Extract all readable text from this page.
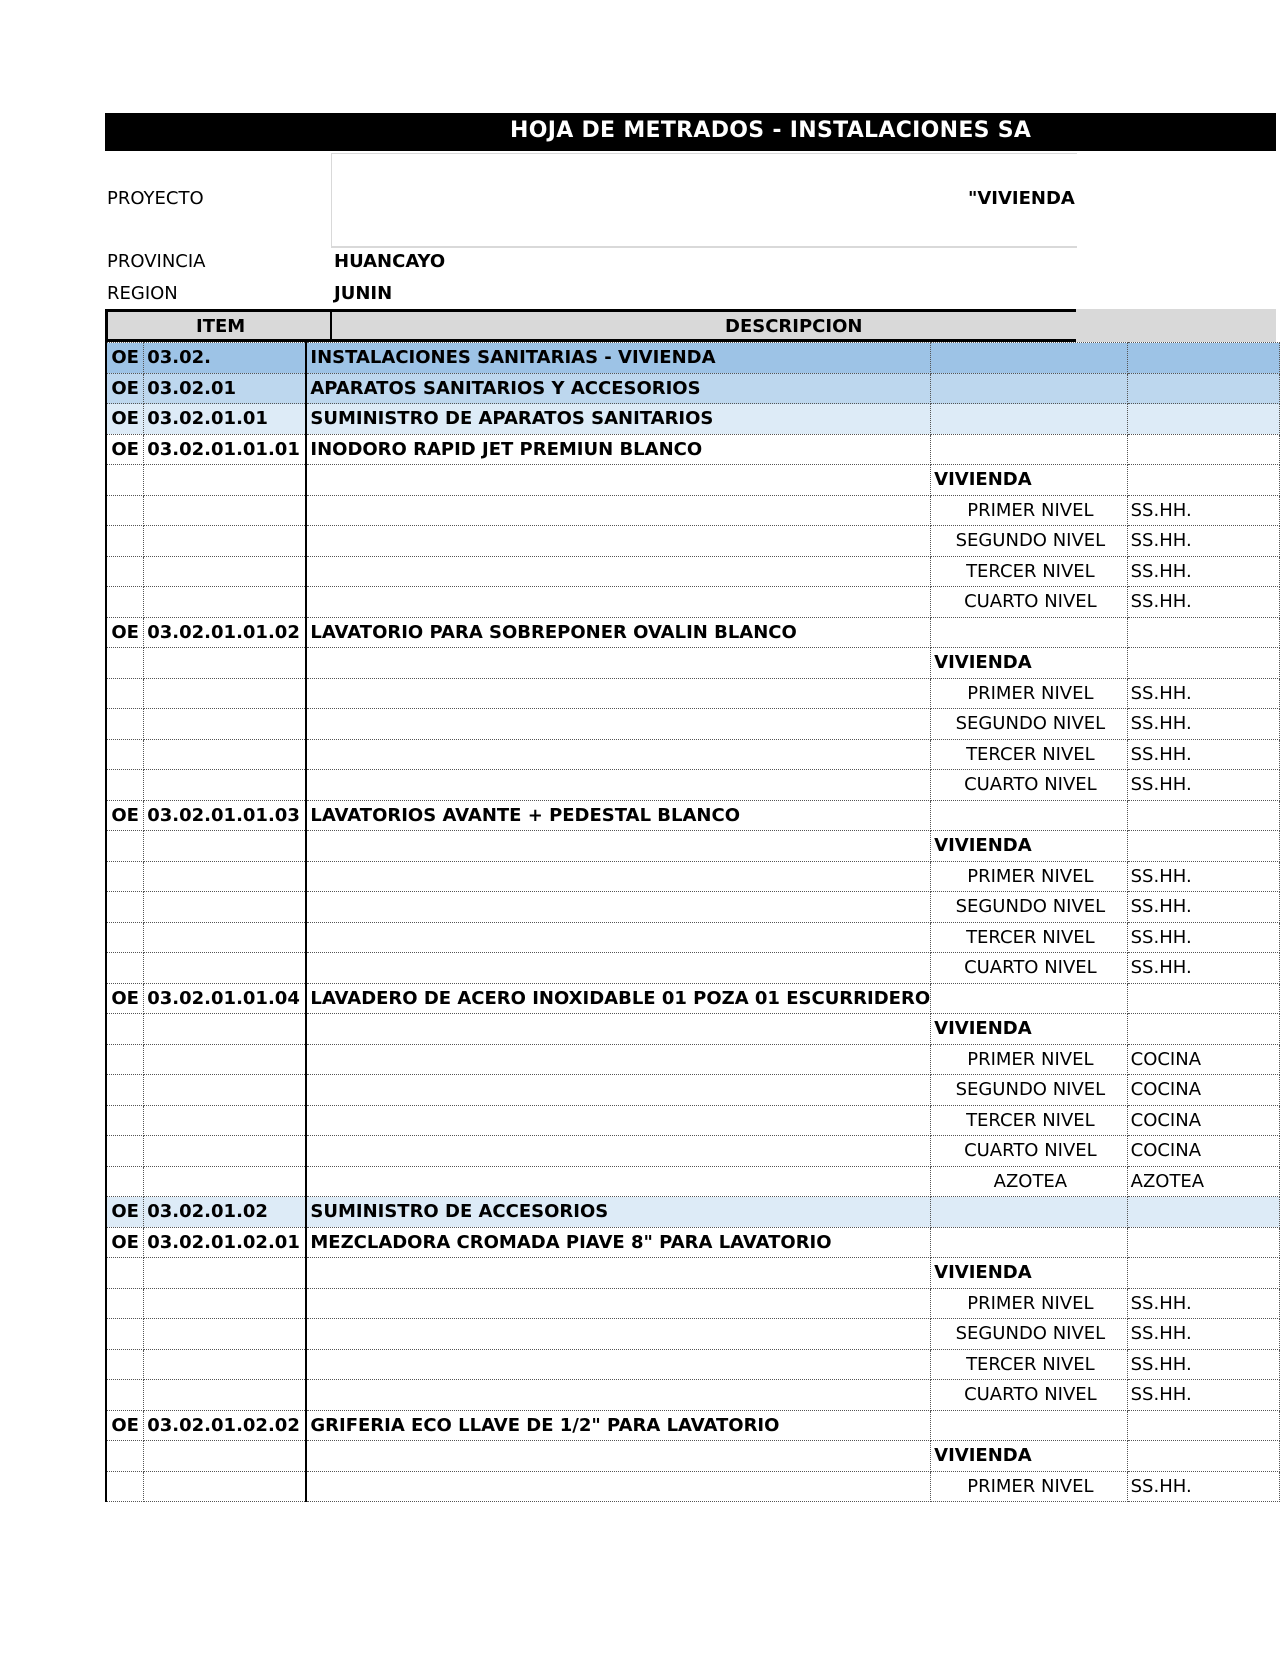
HOJA DE METRADOS - INSTALACIONES SA
PROYECTO	"VIVIENDA
PROVINCIA	HUANCAYO
REGION	JUNIN
ITEM	DESCRIPCION
OE	03.02.	INSTALACIONES SANITARIAS - VIVIENDA		
OE	03.02.01	APARATOS SANITARIOS Y ACCESORIOS		
OE	03.02.01.01	SUMINISTRO DE APARATOS SANITARIOS		
OE	03.02.01.01.01	INODORO RAPID JET PREMIUN BLANCO		
			VIVIENDA	
			PRIMER NIVEL	SS.HH.
			SEGUNDO NIVEL	SS.HH.
			TERCER NIVEL	SS.HH.
			CUARTO NIVEL	SS.HH.
OE	03.02.01.01.02	LAVATORIO PARA SOBREPONER OVALIN BLANCO		
			VIVIENDA	
			PRIMER NIVEL	SS.HH.
			SEGUNDO NIVEL	SS.HH.
			TERCER NIVEL	SS.HH.
			CUARTO NIVEL	SS.HH.
OE	03.02.01.01.03	LAVATORIOS AVANTE + PEDESTAL BLANCO		
			VIVIENDA	
			PRIMER NIVEL	SS.HH.
			SEGUNDO NIVEL	SS.HH.
			TERCER NIVEL	SS.HH.
			CUARTO NIVEL	SS.HH.
OE	03.02.01.01.04	LAVADERO DE ACERO INOXIDABLE 01 POZA 01 ESCURRIDERO		
			VIVIENDA	
			PRIMER NIVEL	COCINA
			SEGUNDO NIVEL	COCINA
			TERCER NIVEL	COCINA
			CUARTO NIVEL	COCINA
			AZOTEA	AZOTEA
OE	03.02.01.02	SUMINISTRO DE ACCESORIOS		
OE	03.02.01.02.01	MEZCLADORA CROMADA PIAVE 8" PARA LAVATORIO		
			VIVIENDA	
			PRIMER NIVEL	SS.HH.
			SEGUNDO NIVEL	SS.HH.
			TERCER NIVEL	SS.HH.
			CUARTO NIVEL	SS.HH.
OE	03.02.01.02.02	GRIFERIA ECO LLAVE DE 1/2" PARA LAVATORIO		
			VIVIENDA	
			PRIMER NIVEL	SS.HH.
